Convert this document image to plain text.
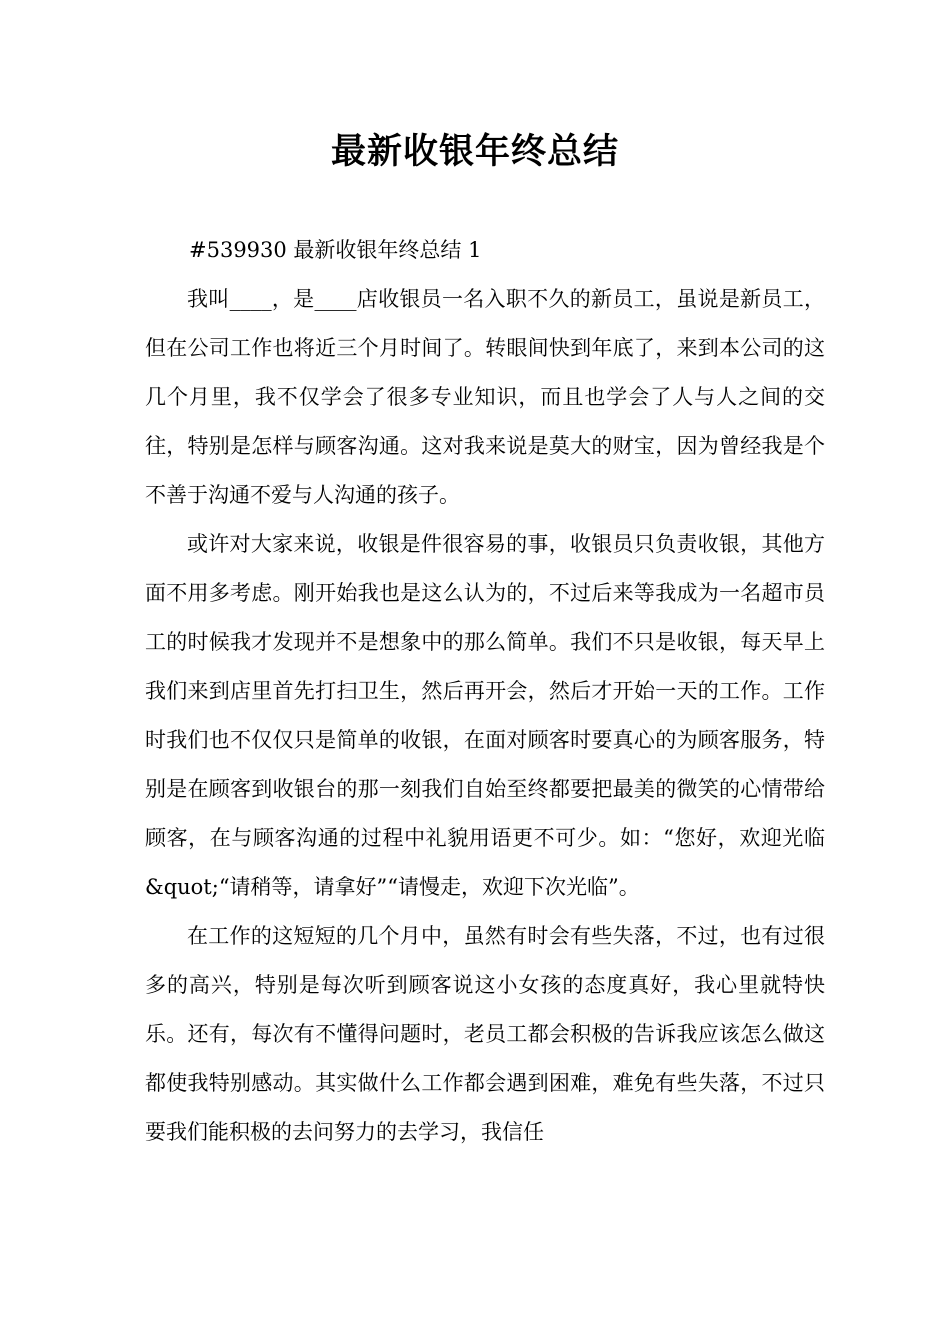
最新收银年终总结

#539930 最新收银年终总结 1

我叫____，是____店收银员一名入职不久的新员工，虽说是新员工，但在公司工作也将近三个月时间了。转眼间快到年底了，来到本公司的这几个月里，我不仅学会了很多专业知识，而且也学会了人与人之间的交往，特别是怎样与顾客沟通。这对我来说是莫大的财宝，因为曾经我是个不善于沟通不爱与人沟通的孩子。

或许对大家来说，收银是件很容易的事，收银员只负责收银，其他方面不用多考虑。刚开始我也是这么认为的，不过后来等我成为一名超市员工的时候我才发现并不是想象中的那么简单。我们不只是收银，每天早上我们来到店里首先打扫卫生，然后再开会，然后才开始一天的工作。工作时我们也不仅仅只是简单的收银，在面对顾客时要真心的为顾客服务，特别是在顾客到收银台的那一刻我们自始至终都要把最美的微笑的心情带给顾客，在与顾客沟通的过程中礼貌用语更不可少。如：“您好，欢迎光临&quot;“请稍等，请拿好”“请慢走，欢迎下次光临”。

在工作的这短短的几个月中，虽然有时会有些失落，不过，也有过很多的高兴，特别是每次听到顾客说这小女孩的态度真好，我心里就特快乐。还有，每次有不懂得问题时，老员工都会积极的告诉我应该怎么做这都使我特别感动。其实做什么工作都会遇到困难，难免有些失落，不过只要我们能积极的去问努力的去学习，我信任
